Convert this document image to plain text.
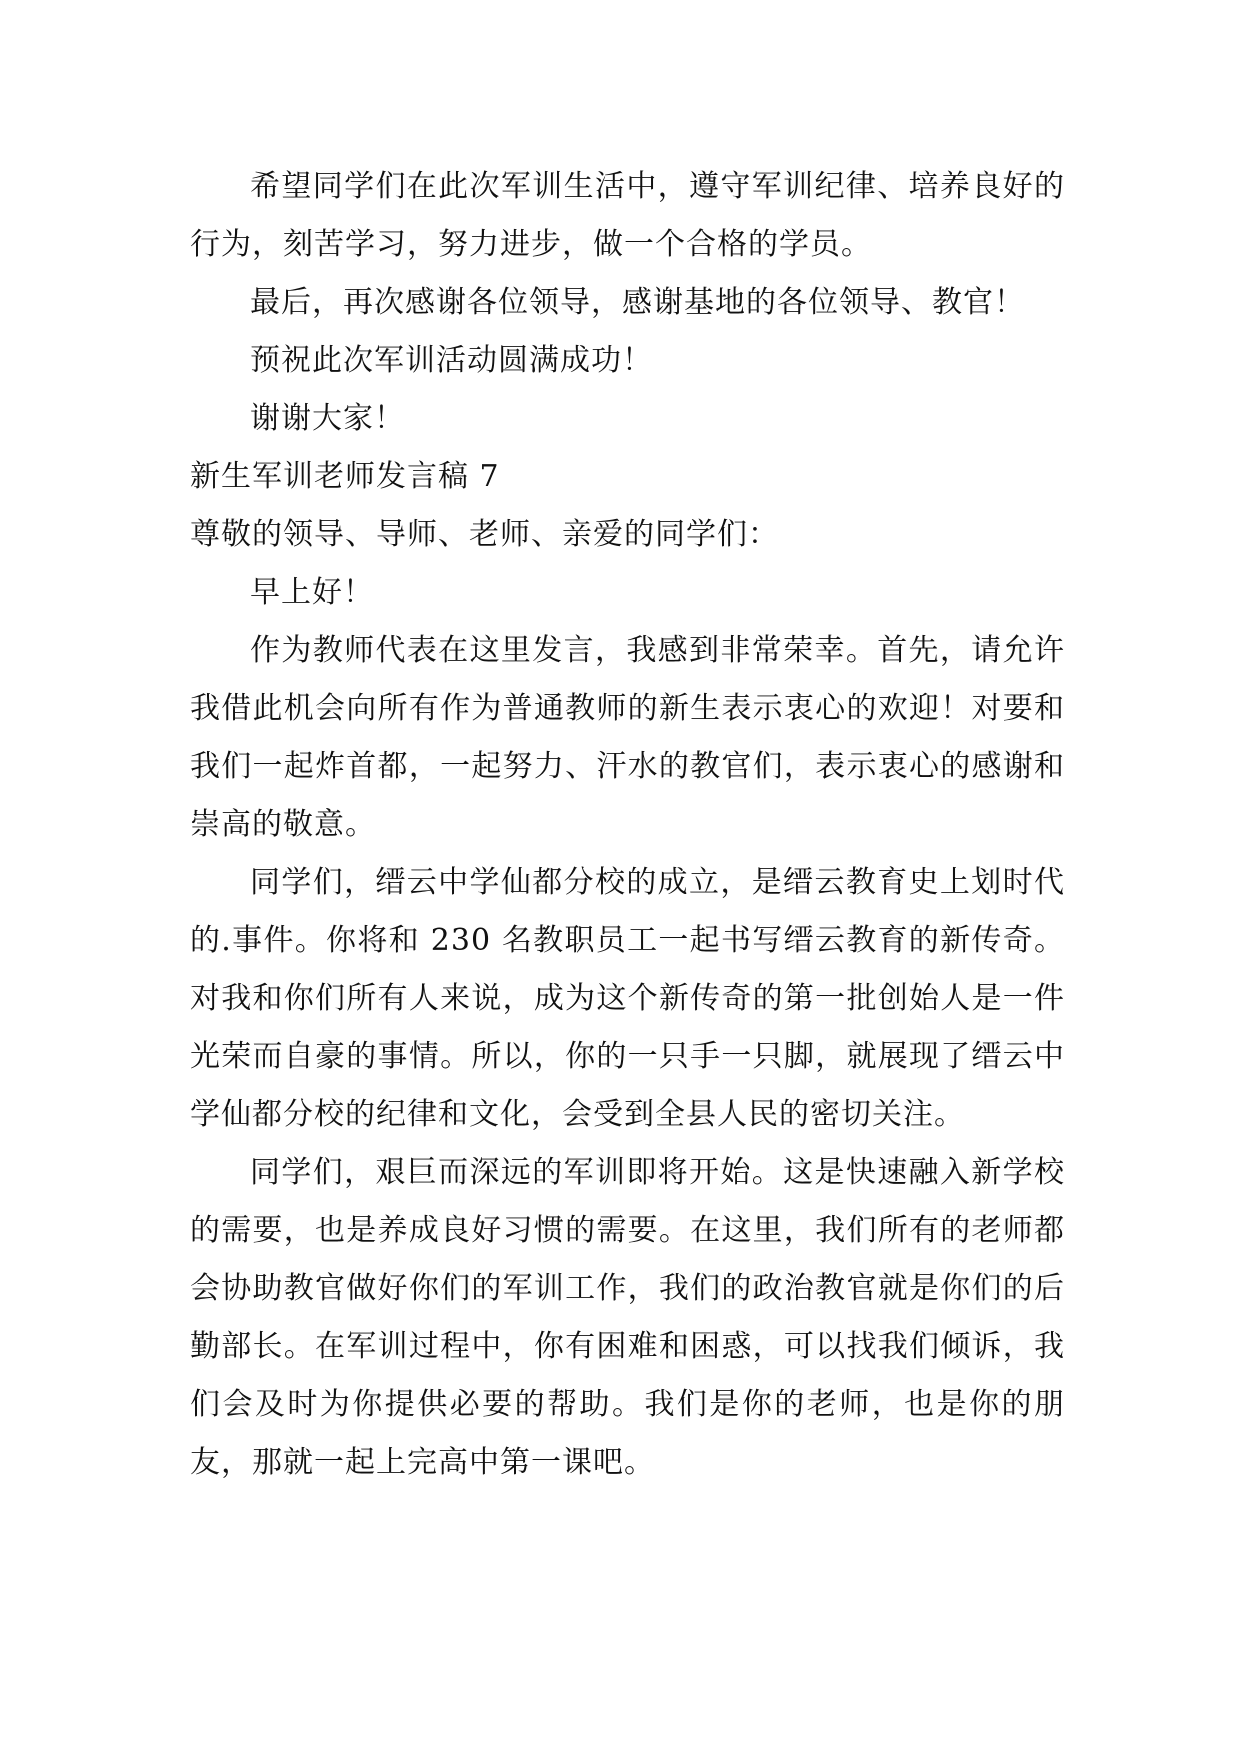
希望同学们在此次军训生活中，遵守军训纪律、培养良好的行为，刻苦学习，努力进步，做一个合格的学员。

最后，再次感谢各位领导，感谢基地的各位领导、教官！

预祝此次军训活动圆满成功！

谢谢大家！

新生军训老师发言稿 7

尊敬的领导、导师、老师、亲爱的同学们：

早上好！

作为教师代表在这里发言，我感到非常荣幸。首先，请允许我借此机会向所有作为普通教师的新生表示衷心的欢迎！对要和我们一起炸首都，一起努力、汗水的教官们，表示衷心的感谢和崇高的敬意。

同学们，缙云中学仙都分校的成立，是缙云教育史上划时代的.事件。你将和 230 名教职员工一起书写缙云教育的新传奇。对我和你们所有人来说，成为这个新传奇的第一批创始人是一件光荣而自豪的事情。所以，你的一只手一只脚，就展现了缙云中学仙都分校的纪律和文化，会受到全县人民的密切关注。

同学们，艰巨而深远的军训即将开始。这是快速融入新学校的需要，也是养成良好习惯的需要。在这里，我们所有的老师都会协助教官做好你们的军训工作，我们的政治教官就是你们的后勤部长。在军训过程中，你有困难和困惑，可以找我们倾诉，我们会及时为你提供必要的帮助。我们是你的老师，也是你的朋友，那就一起上完高中第一课吧。
